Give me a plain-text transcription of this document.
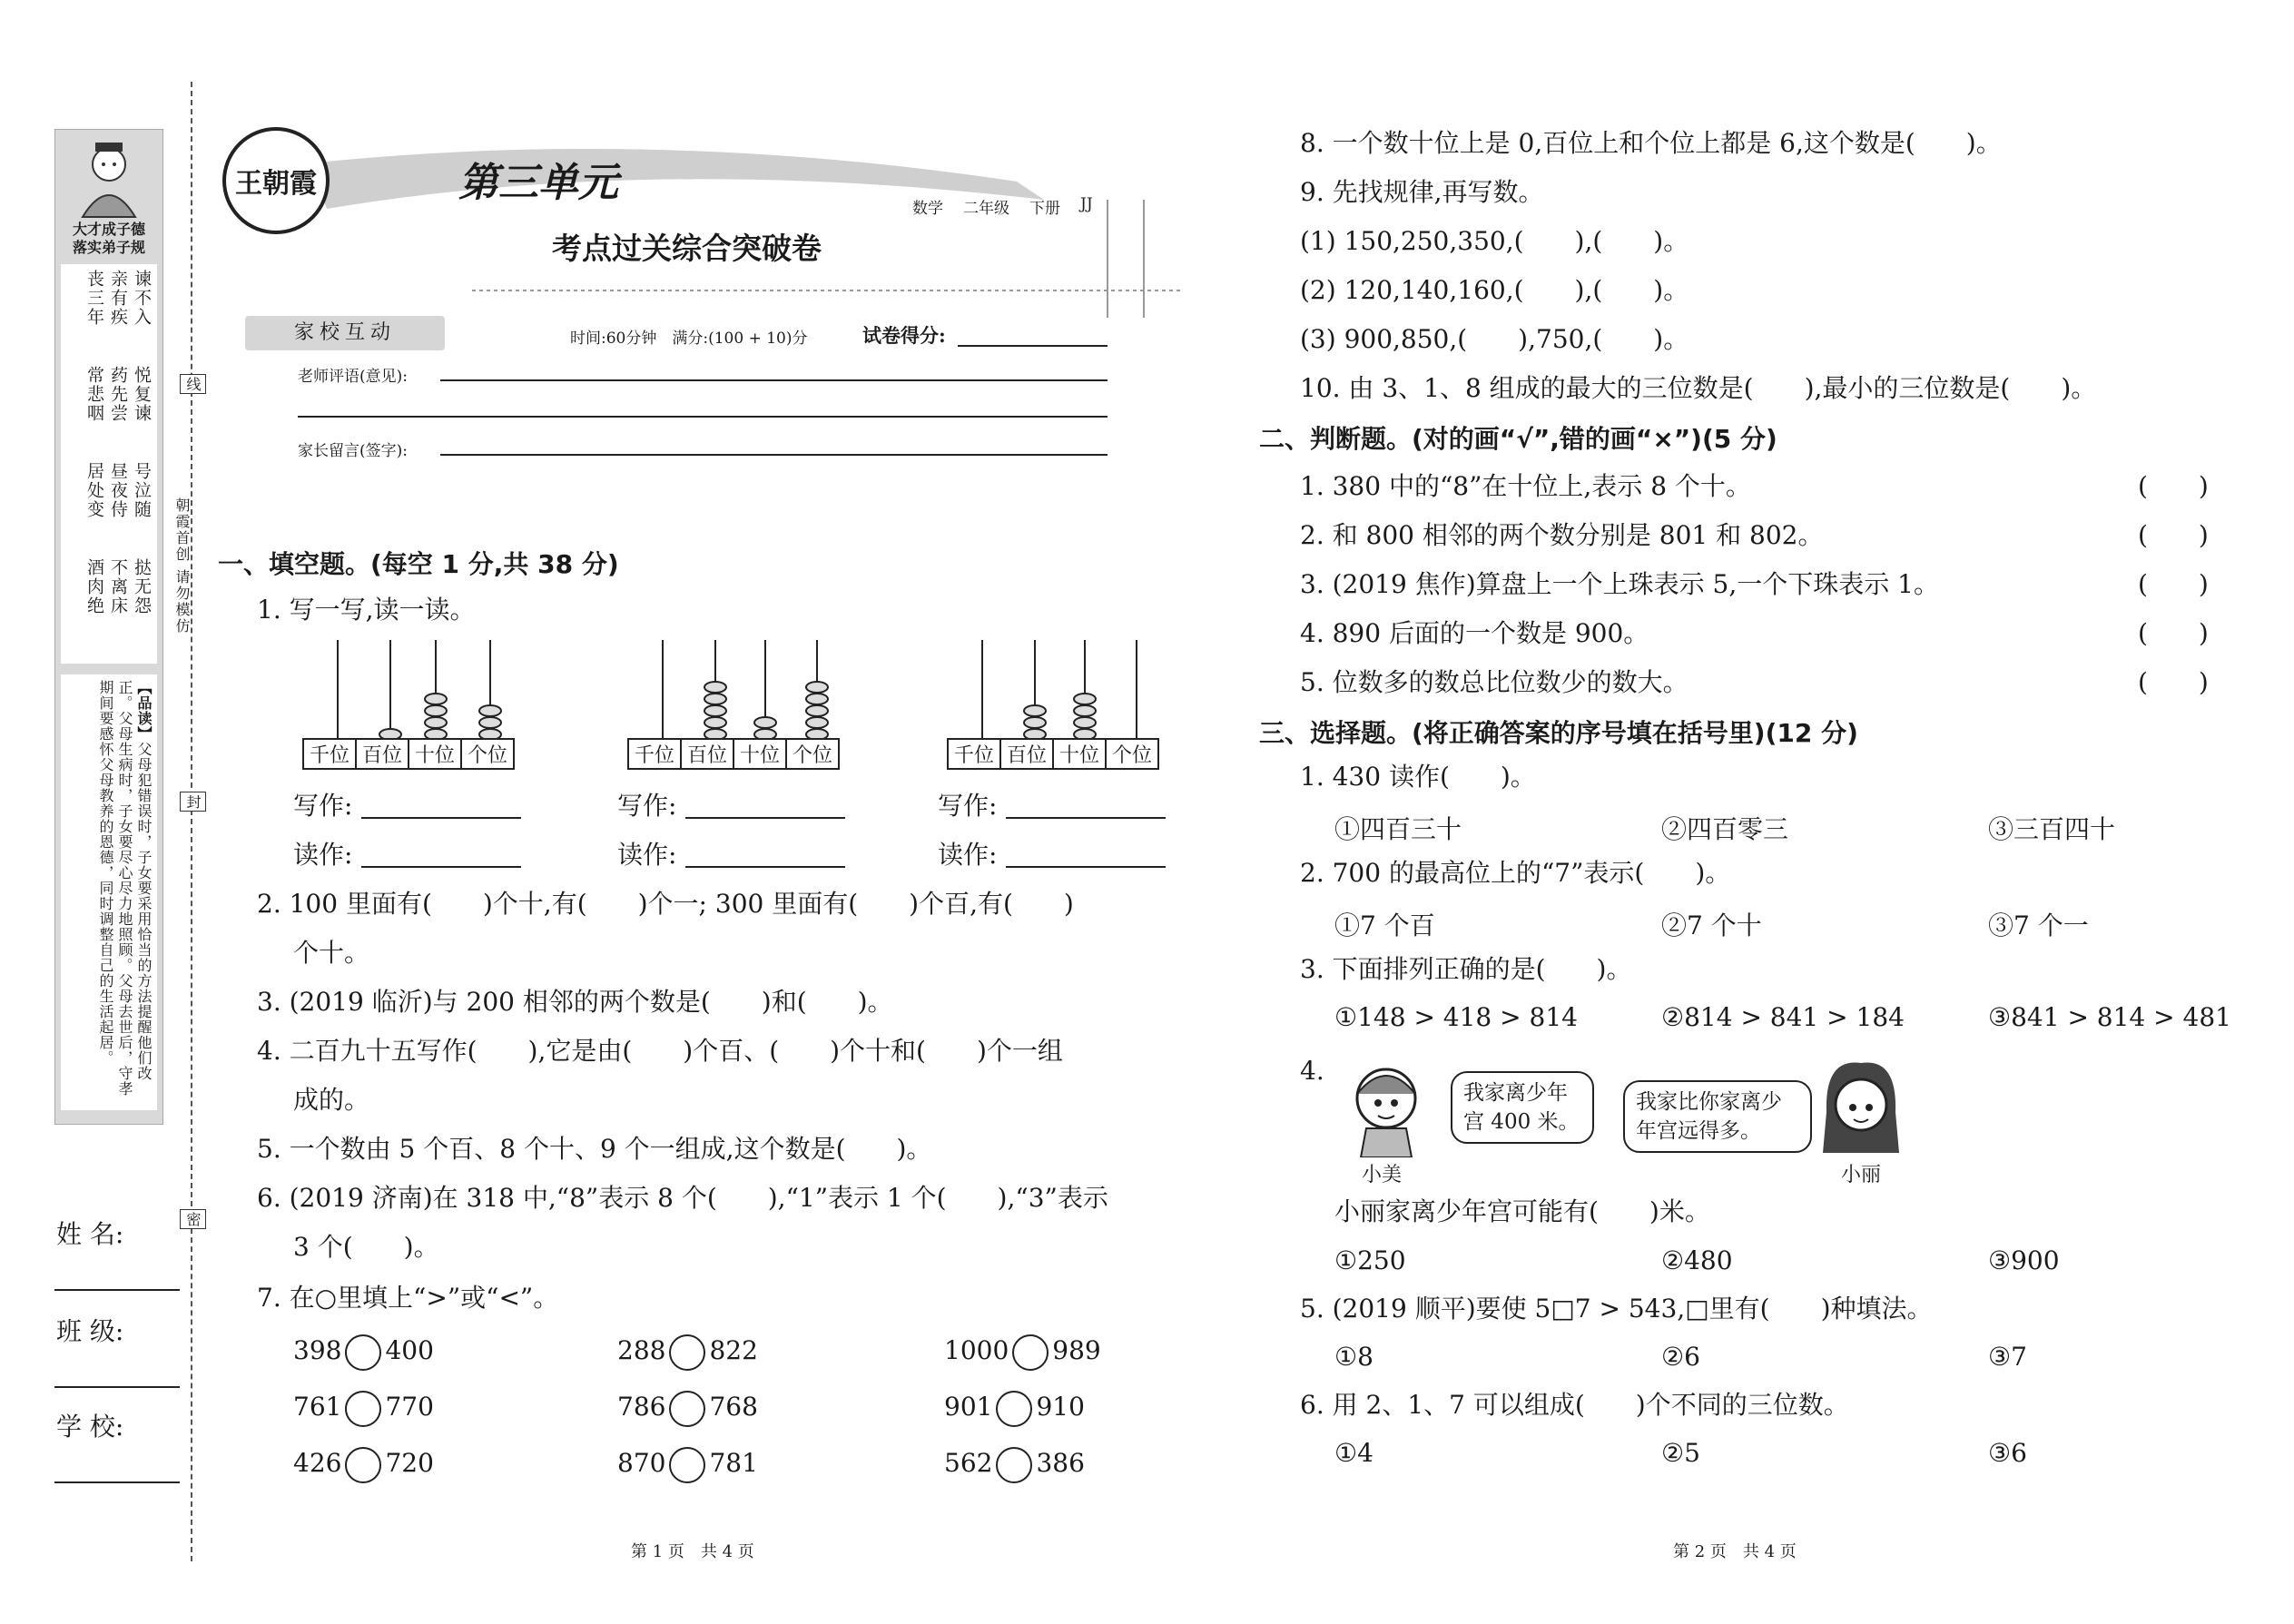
大才成子德
落实弟子规
谏不入
亲有疾
丧三年
悦复谏
药先尝
常悲咽
号泣随
昼夜侍
居处变
挞无怨
不离床
酒肉绝
【品读】父母犯错误时，子女要采用恰当的方法提醒他们改正。父母生病时，子女要尽心尽力地照顾。父母去世后，守孝期间要感怀父母教养的恩德，同时调整自己的生活起居。
线
封
密
朝霞首创 请勿模仿
姓 名:
班 级:
学 校:
王朝霞	第三单元
考点过关综合突破卷
数学 二年级 下册 JJ
家校互动	时间:60分钟　满分:(100 + 10)分	试卷得分:
老师评语(意见):
家长留言(签字):
一、填空题。(每空 1 分,共 38 分)
1. 写一写,读一读。
千位 百位 十位 个位	千位 百位 十位 个位	千位 百位 十位 个位
写作:	写作:	写作:
读作:	读作:	读作:
2. 100 里面有(　　)个十,有(　　)个一; 300 里面有(　　)个百,有(　　)
个十。
3. (2019 临沂)与 200 相邻的两个数是(　　)和(　　)。
4. 二百九十五写作(　　),它是由(　　)个百、(　　)个十和(　　)个一组
成的。
5. 一个数由 5 个百、8 个十、9 个一组成,这个数是(　　)。
6. (2019 济南)在 318 中,“8”表示 8 个(　　),“1”表示 1 个(　　),“3”表示
3 个(　　)。
7. 在○里填上“>”或“<”。
398 400	288 822	1000 989
761 770	786 768	901 910
426 720	870 781	562 386
8. 一个数十位上是 0,百位上和个位上都是 6,这个数是(　　)。
9. 先找规律,再写数。
(1) 150,250,350,(　　),(　　)。
(2) 120,140,160,(　　),(　　)。
(3) 900,850,(　　),750,(　　)。
10. 由 3、1、8 组成的最大的三位数是(　　),最小的三位数是(　　)。
二、判断题。(对的画“√”,错的画“×”)(5 分)
1. 380 中的“8”在十位上,表示 8 个十。	(　　)
2. 和 800 相邻的两个数分别是 801 和 802。	(　　)
3. (2019 焦作)算盘上一个上珠表示 5,一个下珠表示 1。	(　　)
4. 890 后面的一个数是 900。	(　　)
5. 位数多的数总比位数少的数大。	(　　)
三、选择题。(将正确答案的序号填在括号里)(12 分)
1. 430 读作(　　)。
①四百三十	②四百零三	③三百四十
2. 700 的最高位上的“7”表示(　　)。
①7 个百	②7 个十	③7 个一
3. 下面排列正确的是(　　)。
①148 > 418 > 814	②814 > 841 > 184	③841 > 814 > 481
4.
我家离少年宫 400 米。
我家比你家离少年宫远得多。
小美	小丽
小丽家离少年宫可能有(　　)米。
①250	②480	③900
5. (2019 顺平)要使 5□7 > 543,□里有(　　)种填法。
①8	②6	③7
6. 用 2、1、7 可以组成(　　)个不同的三位数。
①4	②5	③6
第 1 页　共 4 页	第 2 页　共 4 页
